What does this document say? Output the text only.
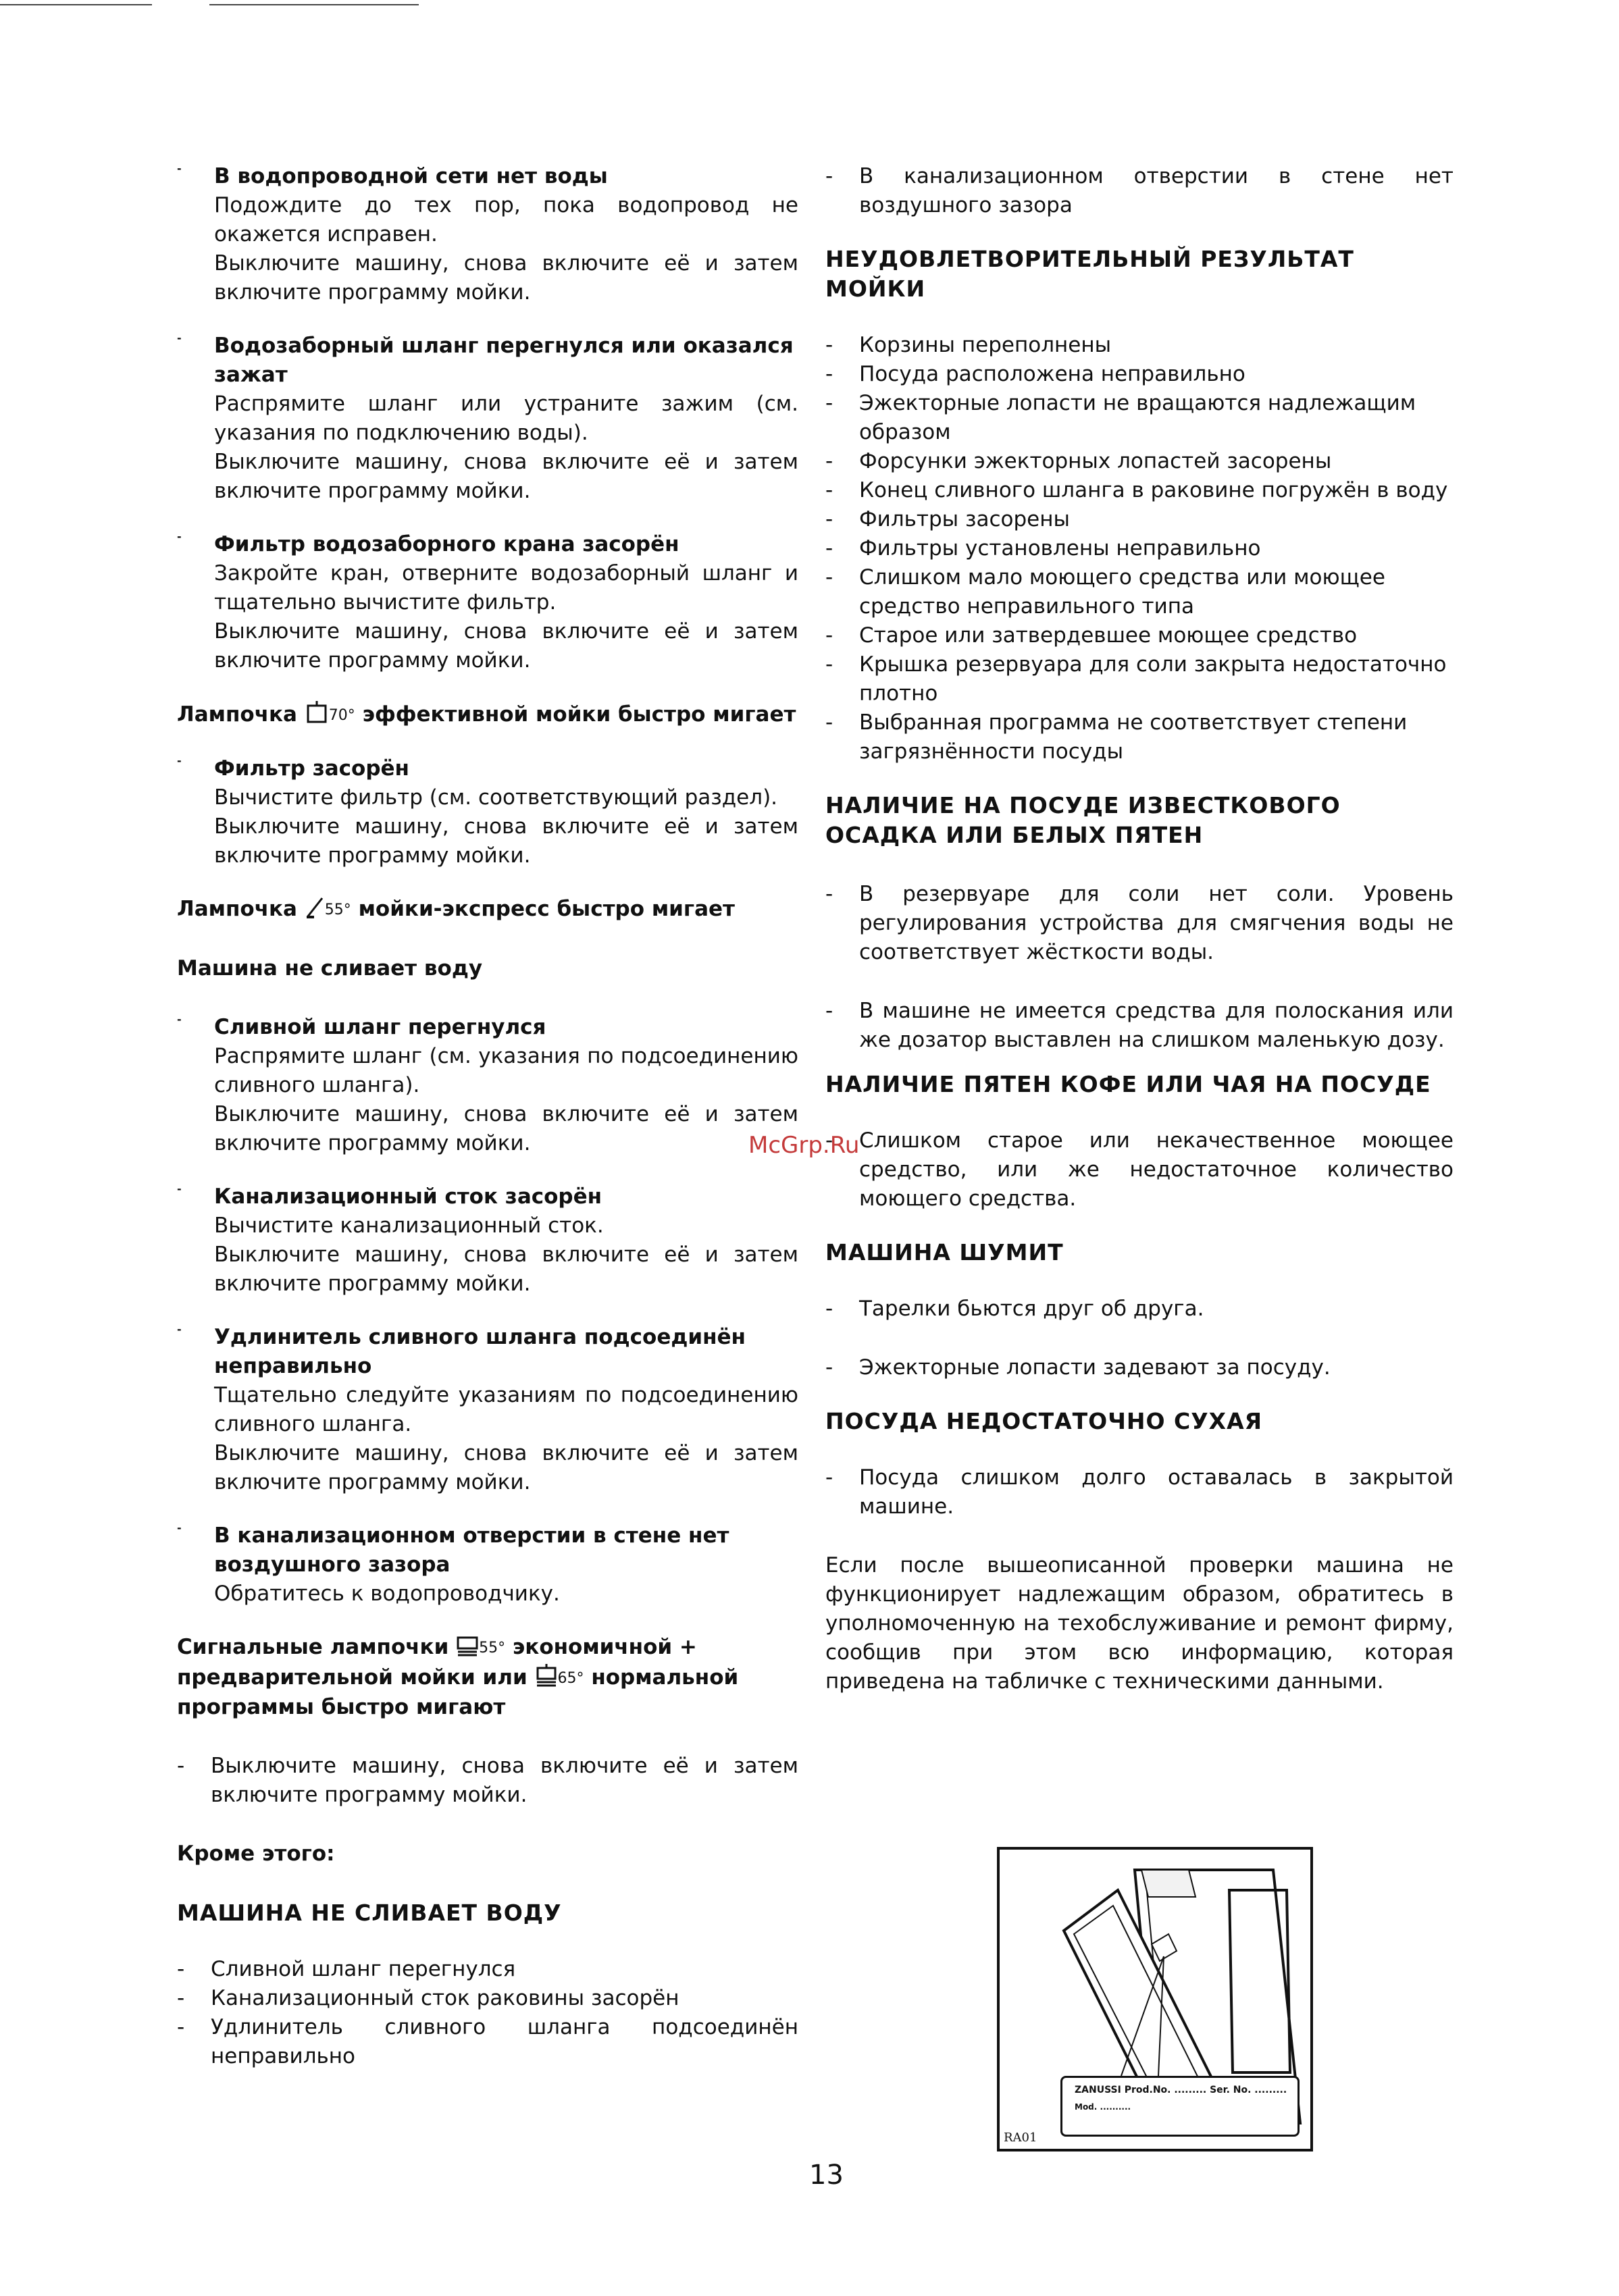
- В водопроводной сети нет воды

Подождите до тех пор, пока водопровод не окажется исправен.

Выключите машину, снова включите её и затем включите программу мойки.

- Водозаборный шланг перегнулся или оказался зажат

Распрямите шланг или устраните зажим (см. указания по подключению воды).

Выключите машину, снова включите её и затем включите программу мойки.

- Фильтр водозаборного крана засорён

Закройте кран, отверните водозаборный шланг и тщательно вычистите фильтр.

Выключите машину, снова включите её и затем включите программу мойки.

Лампочка 70° эффективной мойки быстро мигает

- Фильтр засорён

Вычистите фильтр (см. соответствующий раздел).

Выключите машину, снова включите её и затем включите программу мойки.

Лампочка 55° мойки-экспресс быстро мигает

Машина не сливает воду

- Сливной шланг перегнулся

Распрямите шланг (см. указания по подсоединению сливного шланга).

Выключите машину, снова включите её и затем включите программу мойки.

- Канализационный сток засорён

Вычистите канализационный сток.

Выключите машину, снова включите её и затем включите программу мойки.

- Удлинитель сливного шланга подсоединён неправильно

Тщательно следуйте указаниям по подсоединению сливного шланга.

Выключите машину, снова включите её и затем включите программу мойки.

- В канализационном отверстии в стене нет воздушного зазора

Обратитесь к водопроводчику.

Сигнальные лампочки 55° экономичной + предварительной мойки или 65° нормальной программы быстро мигают

- Выключите машину, снова включите её и затем включите программу мойки.

Кроме этого:

МАШИНА НЕ СЛИВАЕТ ВОДУ

- Сливной шланг перегнулся

- Канализационный сток раковины засорён

- Удлинитель сливного шланга подсоединён неправильно

- В канализационном отверстии в стене нет воздушного зазора

НЕУДОВЛЕТВОРИТЕЛЬНЫЙ РЕЗУЛЬТАТ МОЙКИ

- Корзины переполнены

- Посуда расположена неправильно

- Эжекторные лопасти не вращаются надлежащим образом

- Форсунки эжекторных лопастей засорены

- Конец сливного шланга в раковине погружён в воду

- Фильтры засорены

- Фильтры установлены неправильно

- Слишком мало моющего средства или моющее средство неправильного типа

- Старое или затвердевшее моющее средство

- Крышка резервуара для соли закрыта недостаточно плотно

- Выбранная программа не соответствует степени загрязнённости посуды

НАЛИЧИЕ НА ПОСУДЕ ИЗВЕСТКОВОГО ОСАДКА ИЛИ БЕЛЫХ ПЯТЕН

- В резервуаре для соли нет соли. Уровень регулирования устройства для смягчения воды не соответствует жёсткости воды.

- В машине не имеется средства для полоскания или же дозатор выставлен на слишком маленькую дозу.

НАЛИЧИЕ ПЯТЕН КОФЕ ИЛИ ЧАЯ НА ПОСУДЕ

- Слишком старое или некачественное моющее средство, или же недостаточное количество моющего средства.

МАШИНА ШУМИТ

- Тарелки бьются друг об друга.

- Эжекторные лопасти задевают за посуду.

ПОСУДА НЕДОСТАТОЧНО СУХАЯ

- Посуда слишком долго оставалась в закрытой машине.

Если после вышеописанной проверки машина не функционирует надлежащим образом, обратитесь в уполномоченную на техобслуживание и ремонт фирму, сообщив при этом всю информацию, которая приведена на табличке с техническими данными.

ZANUSSI Prod.No. ......... Ser. No. .........
Mod. ..........
RA01
McGrp.Ru
13
